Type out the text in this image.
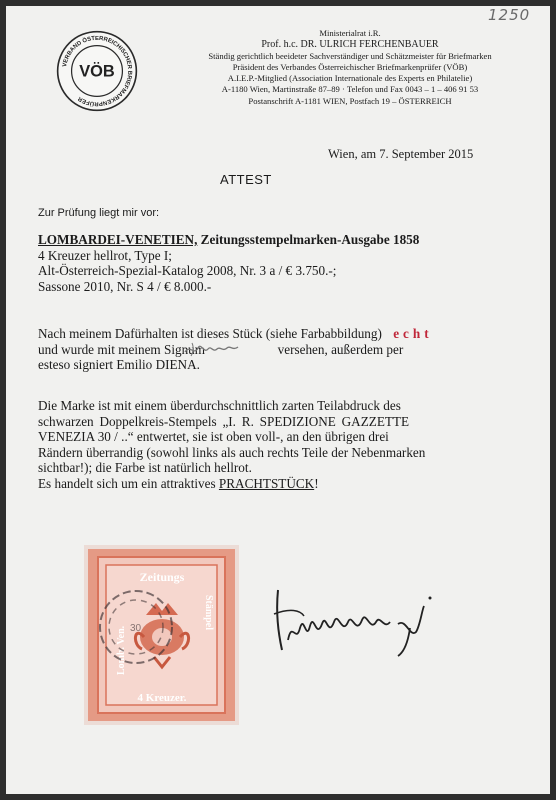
VERBAND ÖSTERREICHISCHER BRIEFMARKENPRÜFER
VÖB
1250
Ministerialrat i.R.
Prof. h.c. DR. ULRICH FERCHENBAUER
Ständig gerichtlich beeideter Sachverständiger und Schätzmeister für Briefmarken
Präsident des Verbandes Österreichischer Briefmarkenprüfer (VÖB)
A.I.E.P.-Mitglied (Association Internationale des Experts en Philatelie)
A-1180 Wien, Martinstraße 87–89 · Telefon und Fax 0043 – 1 – 406 91 53
Postanschrift A-1181 WIEN, Postfach 19 – ÖSTERREICH
Wien, am 7. September 2015
ATTEST
Zur Prüfung liegt mir vor:
LOMBARDEI-VENETIEN, Zeitungsstempelmarken-Ausgabe 1858
4 Kreuzer hellrot, Type I;
Alt-Österreich-Spezial-Katalog 2008, Nr. 3 a / € 3.750.-;
Sassone 2010, Nr. S 4 / € 8.000.-
Nach meinem Dafürhalten ist dieses Stück (siehe Farbabbildung) echt
und wurde mit meinem Signum	versehen, außerdem per
esteso signiert Emilio DIENA.
Die Marke ist mit einem überdurchschnittlich zarten Teilabdruck des
schwarzen Doppelkreis-Stempels „I. R. SPEDIZIONE GAZZETTE
VENEZIA 30 / ..“ entwertet, sie ist oben voll-, an den übrigen drei
Rändern überrandig (sowohl links als auch rechts Teile der Nebenmarken
sichtbar!); die Farbe ist natürlich hellrot.
Es handelt sich um ein attraktives PRACHTSTÜCK!
Zeitungs
Lomb. Ven.
Stämpel
4 Kreuzer.
30
